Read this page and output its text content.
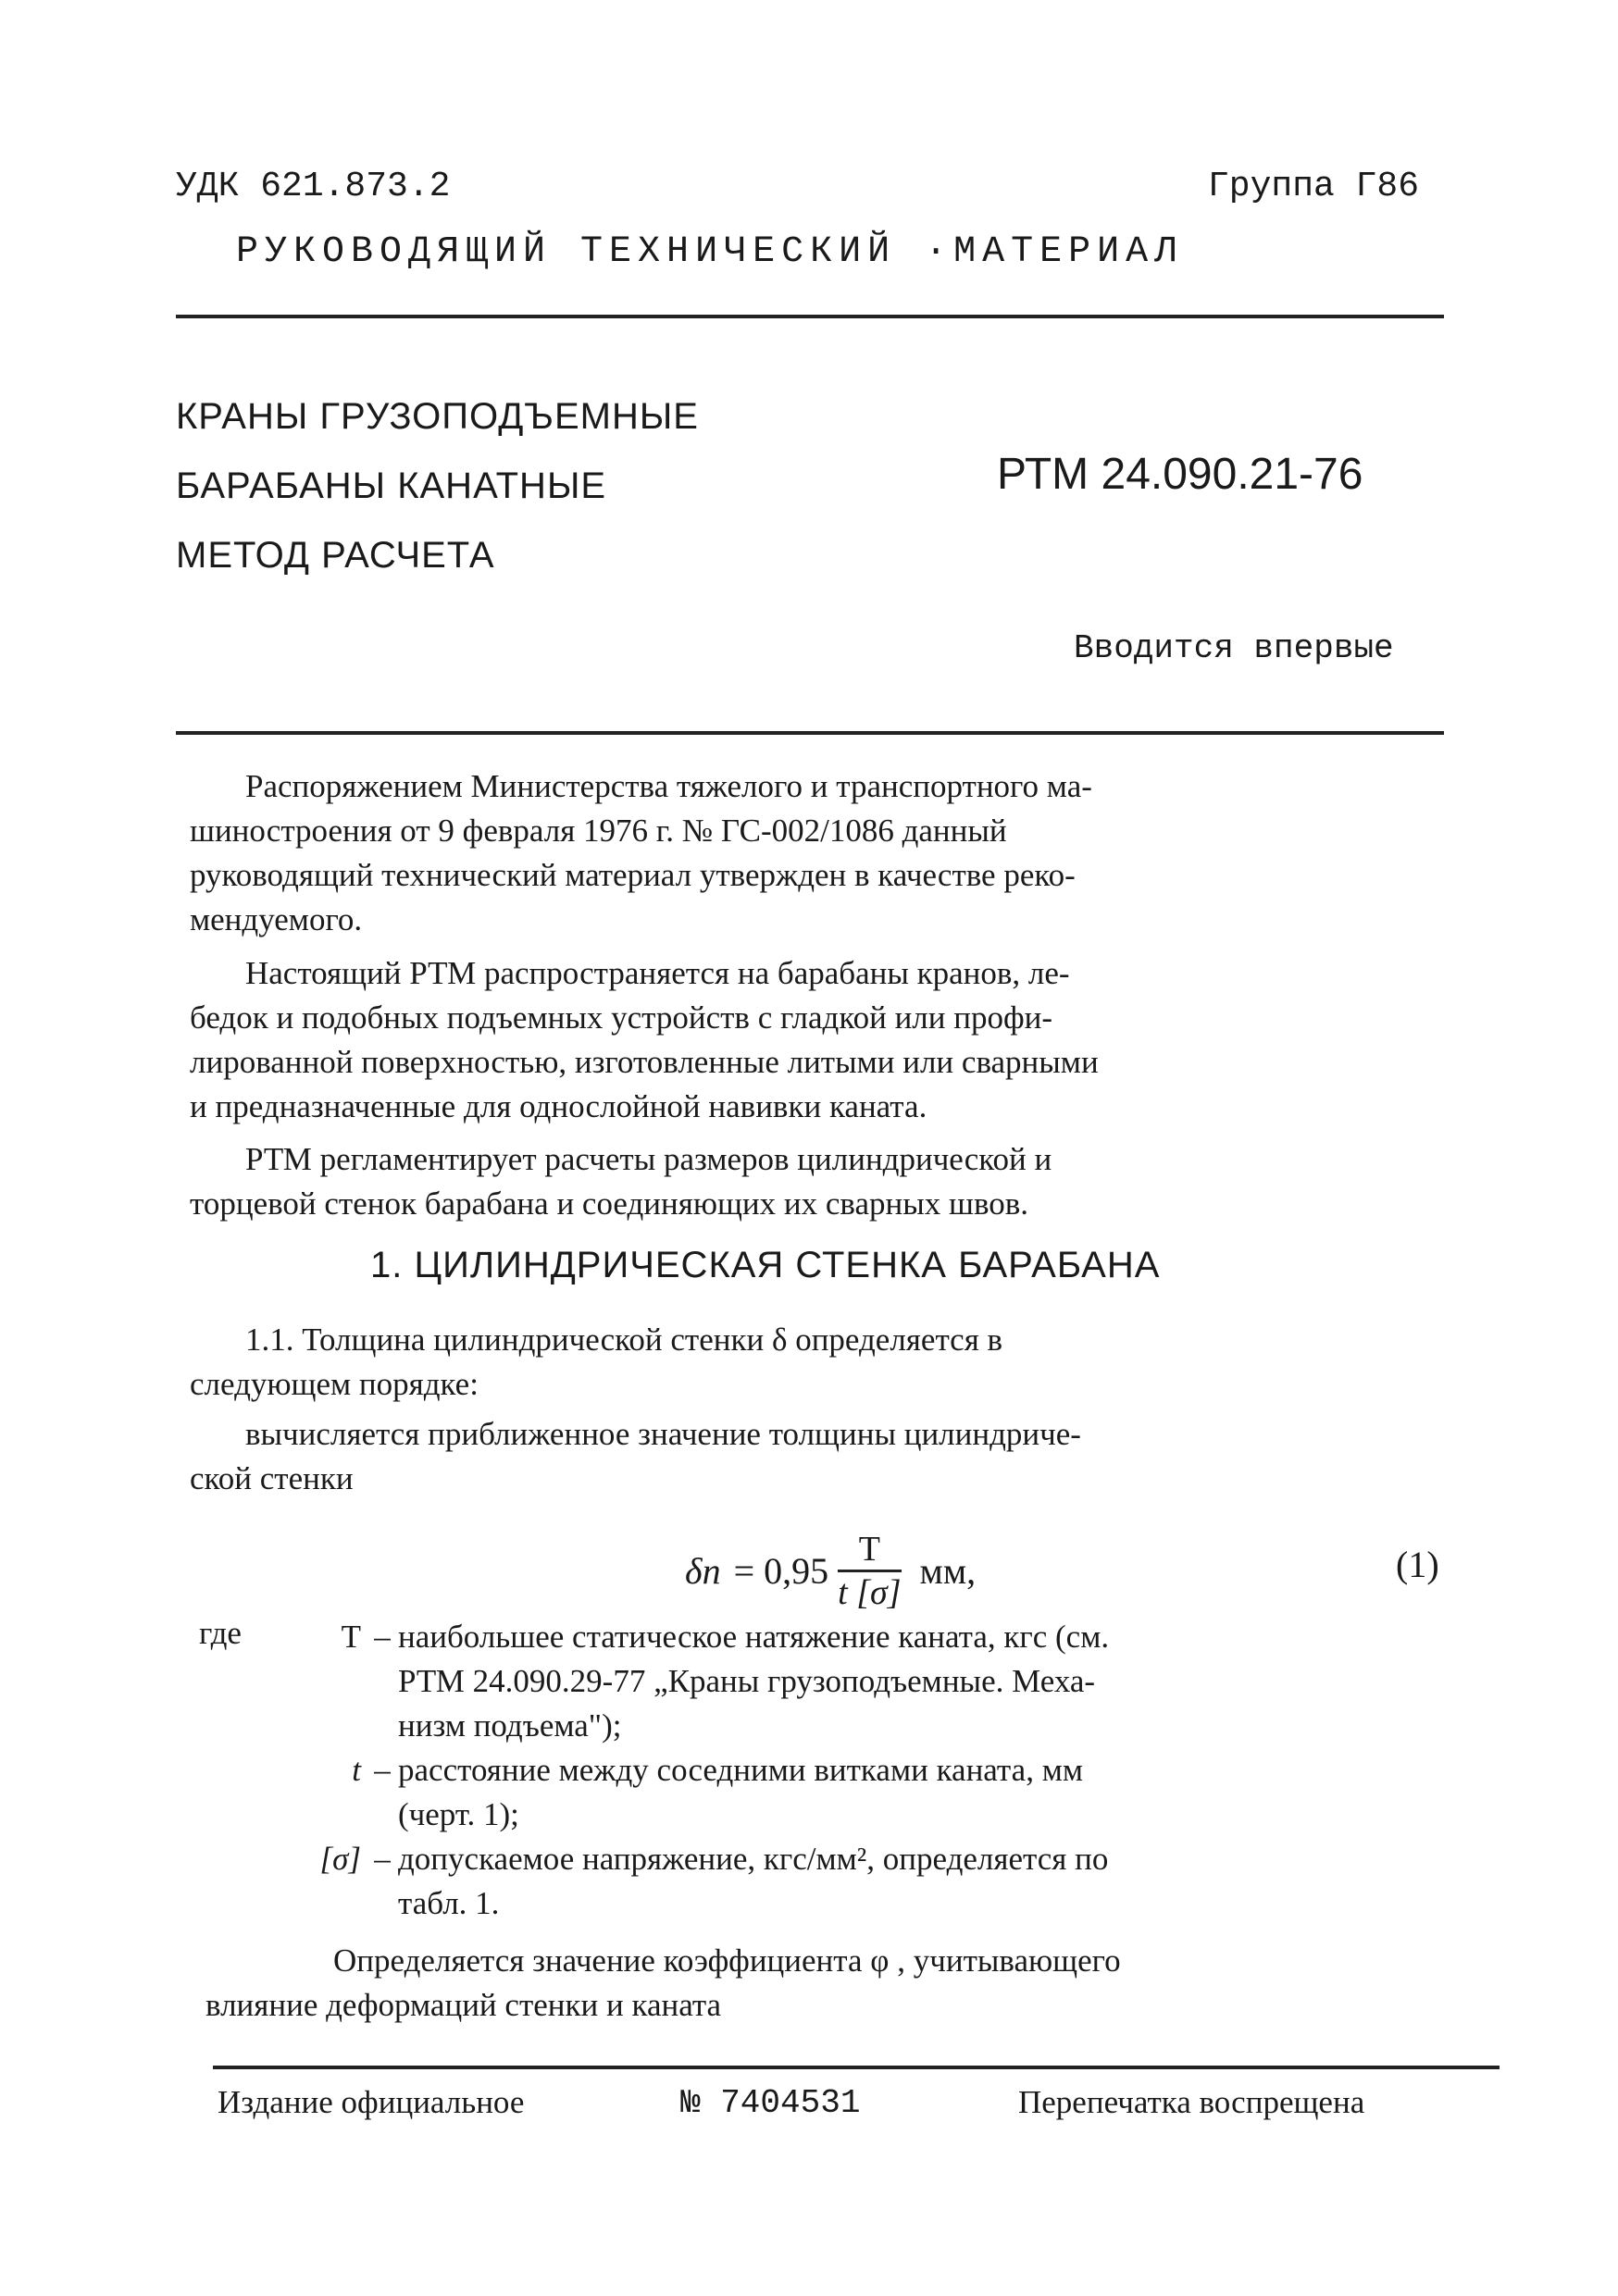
УДК 621.873.2	Группа Г86
РУКОВОДЯЩИЙ ТЕХНИЧЕСКИЙ ·МАТЕРИАЛ
КРАНЫ ГРУЗОПОДЪЕМНЫЕ
БАРАБАНЫ КАНАТНЫЕ
МЕТОД РАСЧЕТА
РТМ 24.090.21-76
Вводится впервые
Распоряжением Министерства тяжелого и транспортного ма-
шиностроения от 9 февраля 1976 г. № ГС-002/1086 данный
руководящий технический материал утвержден в качестве реко-
мендуемого.
Настоящий РТМ распространяется на барабаны кранов, ле-
бедок и подобных подъемных устройств с гладкой или профи-
лированной поверхностью, изготовленные литыми или сварными
и предназначенные для однослойной навивки каната.
РТМ регламентирует расчеты размеров цилиндрической и
торцевой стенок барабана и соединяющих их сварных швов.
1. ЦИЛИНДРИЧЕСКАЯ СТЕНКА БАРАБАНА
1.1. Толщина цилиндрической стенки δ определяется в
следующем порядке:
вычисляется приближенное значение толщины цилиндриче-
ской стенки
$\delta п = 0,95 \frac{T}{t [\sigma]}$ мм,	(1)
где	T – наибольшее статическое натяжение каната, кгс (см.
РТМ 24.090.29-77 „Краны грузоподъемные. Меха-
низм подъема");
t – расстояние между соседними витками каната, мм
(черт. 1);
[σ] – допускаемое напряжение, кгс/мм², определяется по
табл. 1.
Определяется значение коэффициента φ , учитывающего
влияние деформаций стенки и каната
Издание официальное	№ 7404531	Перепечатка воспрещена
